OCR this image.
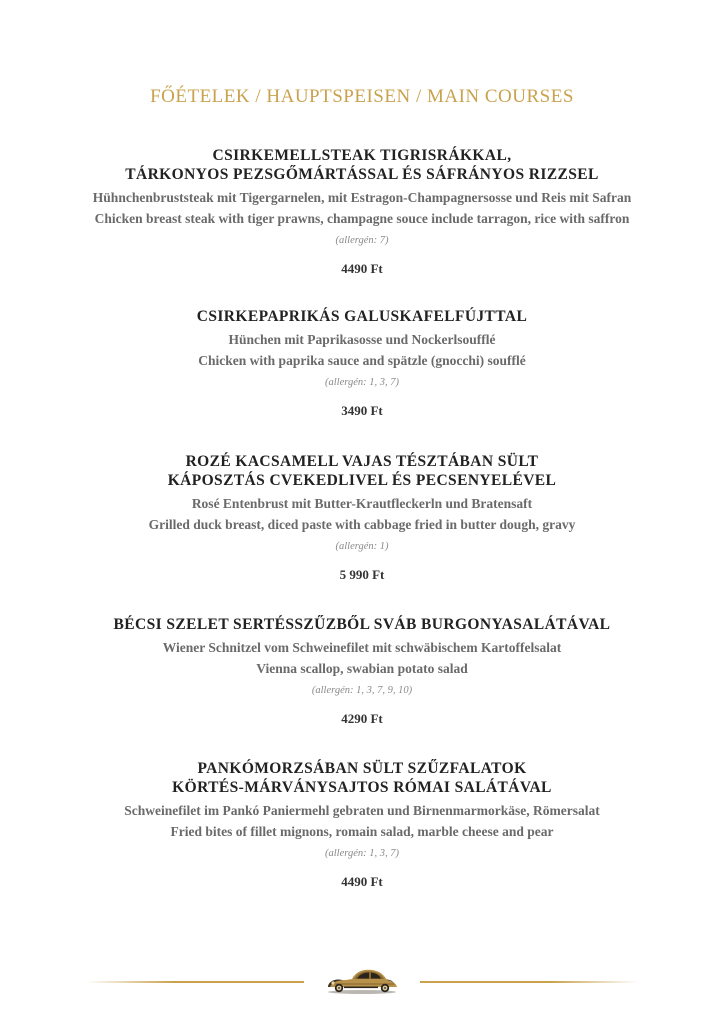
FŐÉTELEK / HAUPTSPEISEN / MAIN COURSES
CSIRKEMELLSTEAK TIGRISRÁKKAL,
TÁRKONYOS PEZSGŐMÁRTÁSSAL ÉS SÁFRÁNYOS RIZZSEL
Hühnchenbruststeak mit Tigergarnelen, mit Estragon-Champagnersosse und Reis mit Safran
Chicken breast steak with tiger prawns, champagne souce include tarragon, rice with saffron
(allergén: 7)
4490 Ft
CSIRKEPAPRIKÁS GALUSKAFELFÚJTTAL
Hünchen mit Paprikasosse und Nockerlsoufflé
Chicken with paprika sauce and spätzle (gnocchi) soufflé
(allergén: 1, 3, 7)
3490 Ft
ROZÉ KACSAMELL VAJAS TÉSZTÁBAN SÜLT
KÁPOSZTÁS CVEKEDLIVEL ÉS PECSENYELÉVEL
Rosé Entenbrust mit Butter-Krautfleckerln und Bratensaft
Grilled duck breast, diced paste with cabbage fried in butter dough, gravy
(allergén: 1)
5 990 Ft
BÉCSI SZELET SERTÉSSZŰZBŐL SVÁB BURGONYASALÁTÁVAL
Wiener Schnitzel vom Schweinefilet mit schwäbischem Kartoffelsalat
Vienna scallop, swabian potato salad
(allergén: 1, 3, 7, 9, 10)
4290 Ft
PANKÓMORZSÁBAN SÜLT SZŰZFALATOK
KÖRTÉS-MÁRVÁNYSAJTOS RÓMAI SALÁTÁVAL
Schweinefilet im Pankó Paniermehl gebraten und Birnenmarmorkäse, Römersalat
Fried bites of fillet mignons, romain salad, marble cheese and pear
(allergén: 1, 3, 7)
4490 Ft
